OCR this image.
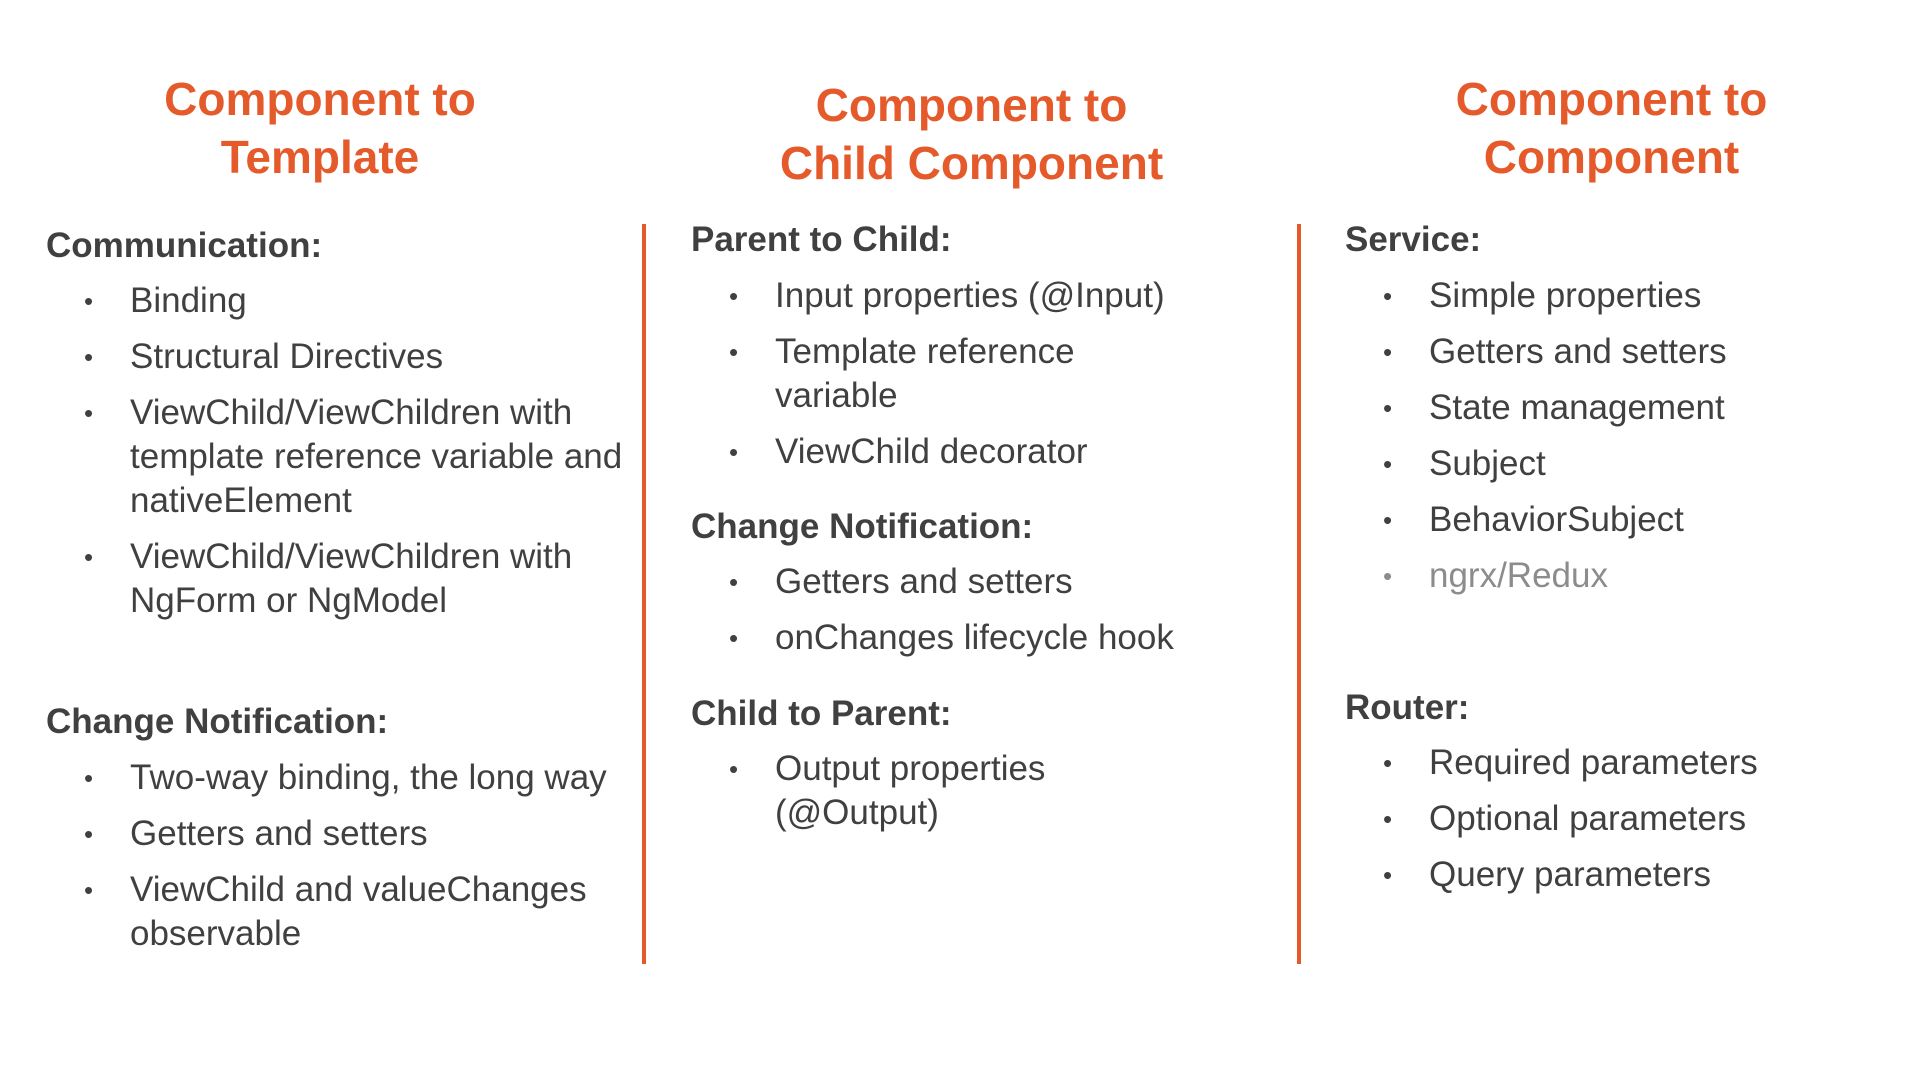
Component to
Template
Communication:
• Binding
• Structural Directives
• ViewChild/ViewChildren with template reference variable and nativeElement
• ViewChild/ViewChildren with NgForm or NgModel
Change Notification:
• Two-way binding, the long way
• Getters and setters
• ViewChild and valueChanges observable
Component to
Child Component
Parent to Child:
• Input properties (@Input)
• Template reference variable
• ViewChild decorator
Change Notification:
• Getters and setters
• onChanges lifecycle hook
Child to Parent:
• Output properties (@Output)
Component to
Component
Service:
• Simple properties
• Getters and setters
• State management
• Subject
• BehaviorSubject
• ngrx/Redux
Router:
• Required parameters
• Optional parameters
• Query parameters
